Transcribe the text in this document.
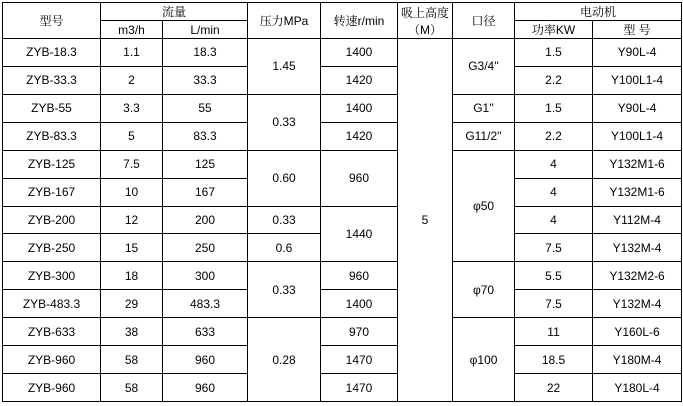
型号	流量		压力MPa	转速r/min	吸上高度（M）	口径	电动机	
	m3/h	L/min					功率KW	型 号
ZYB-18.3	1.1	18.3	1.45	1400	5	G3/4''	1.5	Y90L-4
ZYB-33.3	2	33.3		1420			2.2	Y100L1-4
ZYB-55	3.3	55	0.33	1400		G1''	1.5	Y90L-4
ZYB-83.3	5	83.3		1420		G11/2''	2.2	Y100L1-4
ZYB-125	7.5	125	0.60	960		φ50	4	Y132M1-6
ZYB-167	10	167					4	Y132M1-6
ZYB-200	12	200	0.33	1440			4	Y112M-4
ZYB-250	15	250	0.6				7.5	Y132M-4
ZYB-300	18	300	0.33	960		φ70	5.5	Y132M2-6
ZYB-483.3	29	483.3		1400			7.5	Y132M-4
ZYB-633	38	633	0.28	970		φ100	11	Y160L-6
ZYB-960	58	960		1470			18.5	Y180M-4
ZYB-960	58	960		1470			22	Y180L-4
